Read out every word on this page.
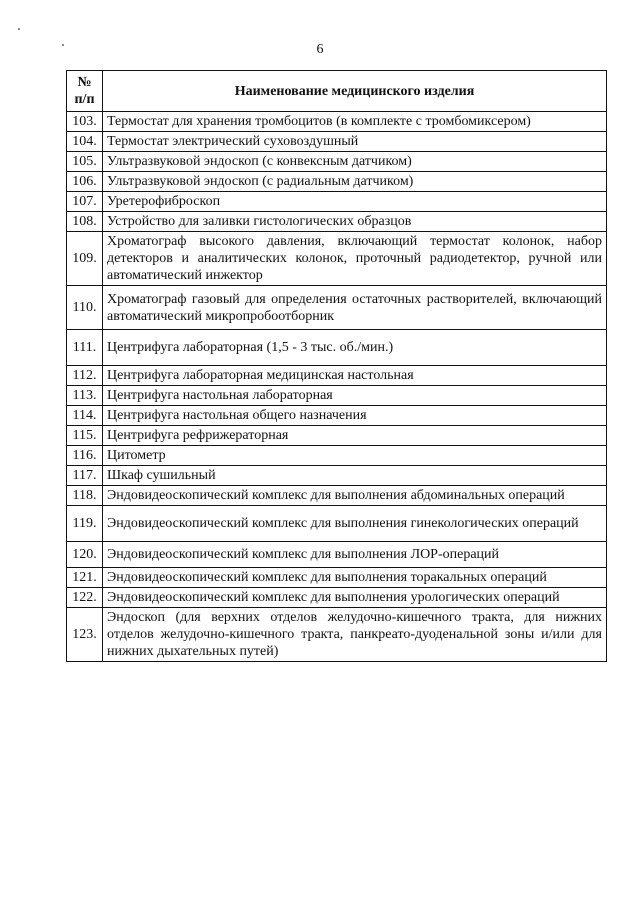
6
№ п/п	Наименование медицинского изделия
103.	Термостат для хранения тромбоцитов (в комплекте с тромбомиксером)
104.	Термостат электрический суховоздушный
105.	Ультразвуковой эндоскоп (с конвексным датчиком)
106.	Ультразвуковой эндоскоп (с радиальным датчиком)
107.	Уретерофиброскоп
108.	Устройство для заливки гистологических образцов
109.	Хроматограф высокого давления, включающий термостат колонок, набор детекторов и аналитических колонок, проточный радиодетектор, ручной или автоматический инжектор
110.	Хроматограф газовый для определения остаточных растворителей, включающий автоматический микропробоотборник
111.	Центрифуга лабораторная (1,5 - 3 тыс. об./мин.)
112.	Центрифуга лабораторная медицинская настольная
113.	Центрифуга настольная лабораторная
114.	Центрифуга настольная общего назначения
115.	Центрифуга рефрижераторная
116.	Цитометр
117.	Шкаф сушильный
118.	Эндовидеоскопический комплекс для выполнения абдоминальных операций
119.	Эндовидеоскопический комплекс для выполнения гинекологических операций
120.	Эндовидеоскопический комплекс для выполнения ЛОР-операций
121.	Эндовидеоскопический комплекс для выполнения торакальных операций
122.	Эндовидеоскопический комплекс для выполнения урологических операций
123.	Эндоскоп (для верхних отделов желудочно-кишечного тракта, для нижних отделов желудочно-кишечного тракта, панкреато-дуоденальной зоны и/или для нижних дыхательных путей)
